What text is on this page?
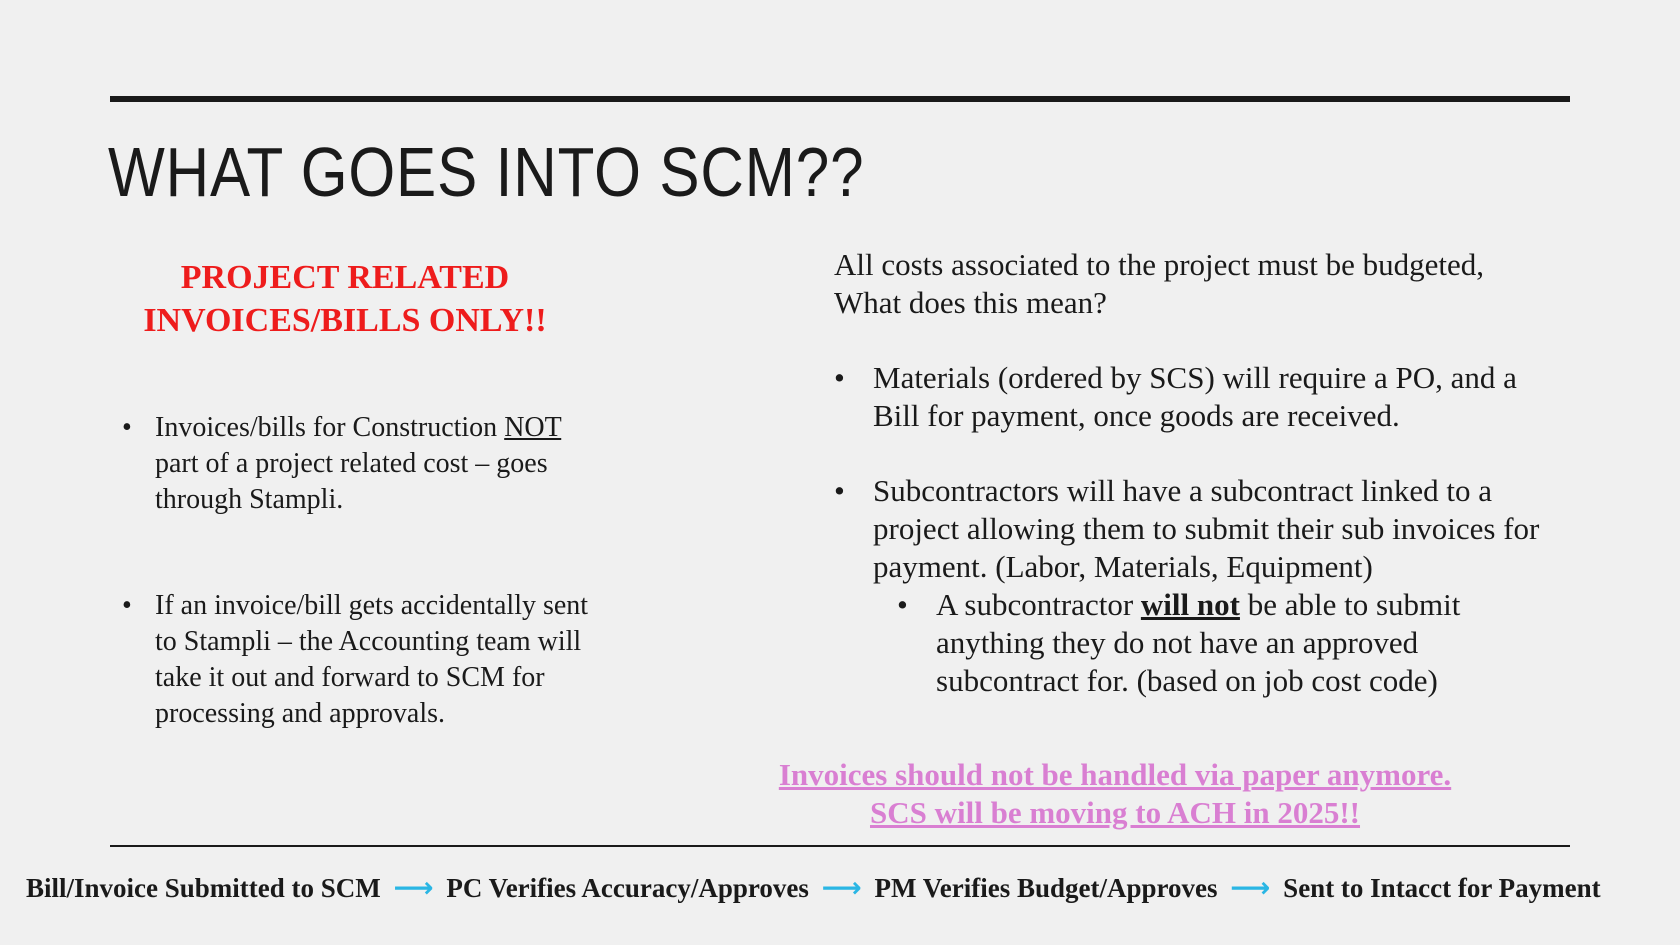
WHAT GOES INTO SCM??
PROJECT RELATED
INVOICES/BILLS ONLY!!
• Invoices/bills for Construction NOT part of a project related cost – goes through Stampli.
• If an invoice/bill gets accidentally sent to Stampli – the Accounting team will take it out and forward to SCM for processing and approvals.
All costs associated to the project must be budgeted, What does this mean?
• Materials (ordered by SCS) will require a PO, and a Bill for payment, once goods are received.
• Subcontractors will have a subcontract linked to a project allowing them to submit their sub invoices for payment. (Labor, Materials, Equipment)
• A subcontractor will not be able to submit anything they do not have an approved subcontract for. (based on job cost code)
Invoices should not be handled via paper anymore.
SCS will be moving to ACH in 2025!!
Bill/Invoice Submitted to SCM ⟶ PC Verifies Accuracy/Approves ⟶ PM Verifies Budget/Approves ⟶ Sent to Intacct for Payment
